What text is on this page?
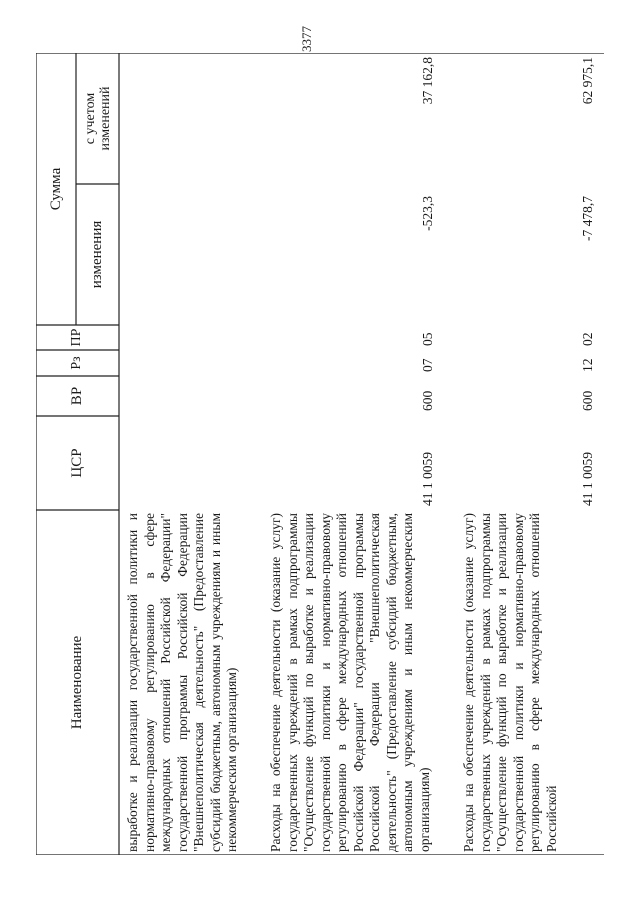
3377
Наименование
ЦСР
ВР
Рз
ПР
Сумма
изменения
с учетом изменений
выработке и реализации государственной политики и нормативно-правовому регулированию в сфере международных отношений Российской Федерации" государственной программы Российской Федерации "Внешнеполитическая деятельность" (Предоставление субсидий бюджетным, автономным учреждениям и иным некоммерческим организациям) Расходы на обеспечение деятельности (оказание услуг) государственных учреждений в рамках подпрограммы "Осуществление функций по выработке и реализации государственной политики и нормативно-правовому регулированию в сфере международных отношений Российской Федерации" государственной программы Российской Федерации "Внешнеполитическая деятельность" (Предоставление субсидий бюджетным, автономным учреждениям и иным некоммерческим организациям)
41 1 0059
600
07
05
-523,3
37 162,8
Расходы на обеспечение деятельности (оказание услуг) государственных учреждений в рамках подпрограммы "Осуществление функций по выработке и реализации государственной политики и нормативно-правовому регулированию в сфере международных отношений Российской
41 1 0059
600
12
02
-7 478,7
62 975,1
